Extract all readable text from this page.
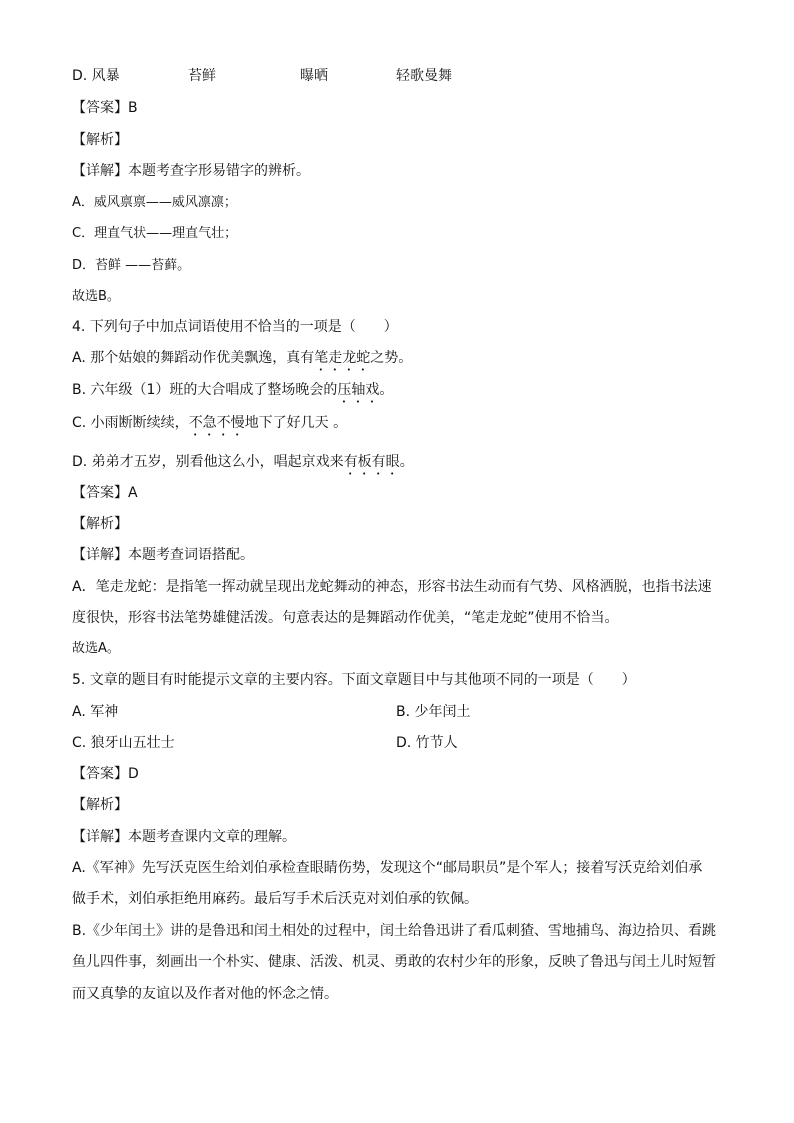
D. 风暴	苔鲜	曝晒	轻歌曼舞
【答案】B
【解析】
【详解】本题考查字形易错字的辨析。
A．威风禀禀——威风凛凛；
C．理直气状——理直气壮；
D．苔鲜 ——苔藓。
故选B。
4. 下列句子中加点词语使用不恰当的一项是（　　）
A. 那个姑娘的舞蹈动作优美飘逸，真有笔走龙蛇之势。
B. 六年级（1）班的大合唱成了整场晚会的压轴戏。
C. 小雨断断续续，不急不慢地下了好几天 。
D. 弟弟才五岁，别看他这么小，唱起京戏来有板有眼。
【答案】A
【解析】
【详解】本题考查词语搭配。
A．笔走龙蛇：是指笔一挥动就呈现出龙蛇舞动的神态，形容书法生动而有气势、风格洒脱，也指书法速
度很快，形容书法笔势雄健活泼。句意表达的是舞蹈动作优美，“笔走龙蛇”使用不恰当。
故选A。
5. 文章的题目有时能提示文章的主要内容。下面文章题目中与其他项不同的一项是（　　）
A. 军神	B. 少年闰土
C. 狼牙山五壮士	D. 竹节人
【答案】D
【解析】
【详解】本题考查课内文章的理解。
A.《军神》先写沃克医生给刘伯承检查眼睛伤势，发现这个“邮局职员”是个军人；接着写沃克给刘伯承
做手术，刘伯承拒绝用麻药。最后写手术后沃克对刘伯承的钦佩。
B.《少年闰土》讲的是鲁迅和闰土相处的过程中，闰土给鲁迅讲了看瓜刺猹、雪地捕鸟、海边拾贝、看跳
鱼儿四件事，刻画出一个朴实、健康、活泼、机灵、勇敢的农村少年的形象，反映了鲁迅与闰土儿时短暂
而又真挚的友谊以及作者对他的怀念之情。
